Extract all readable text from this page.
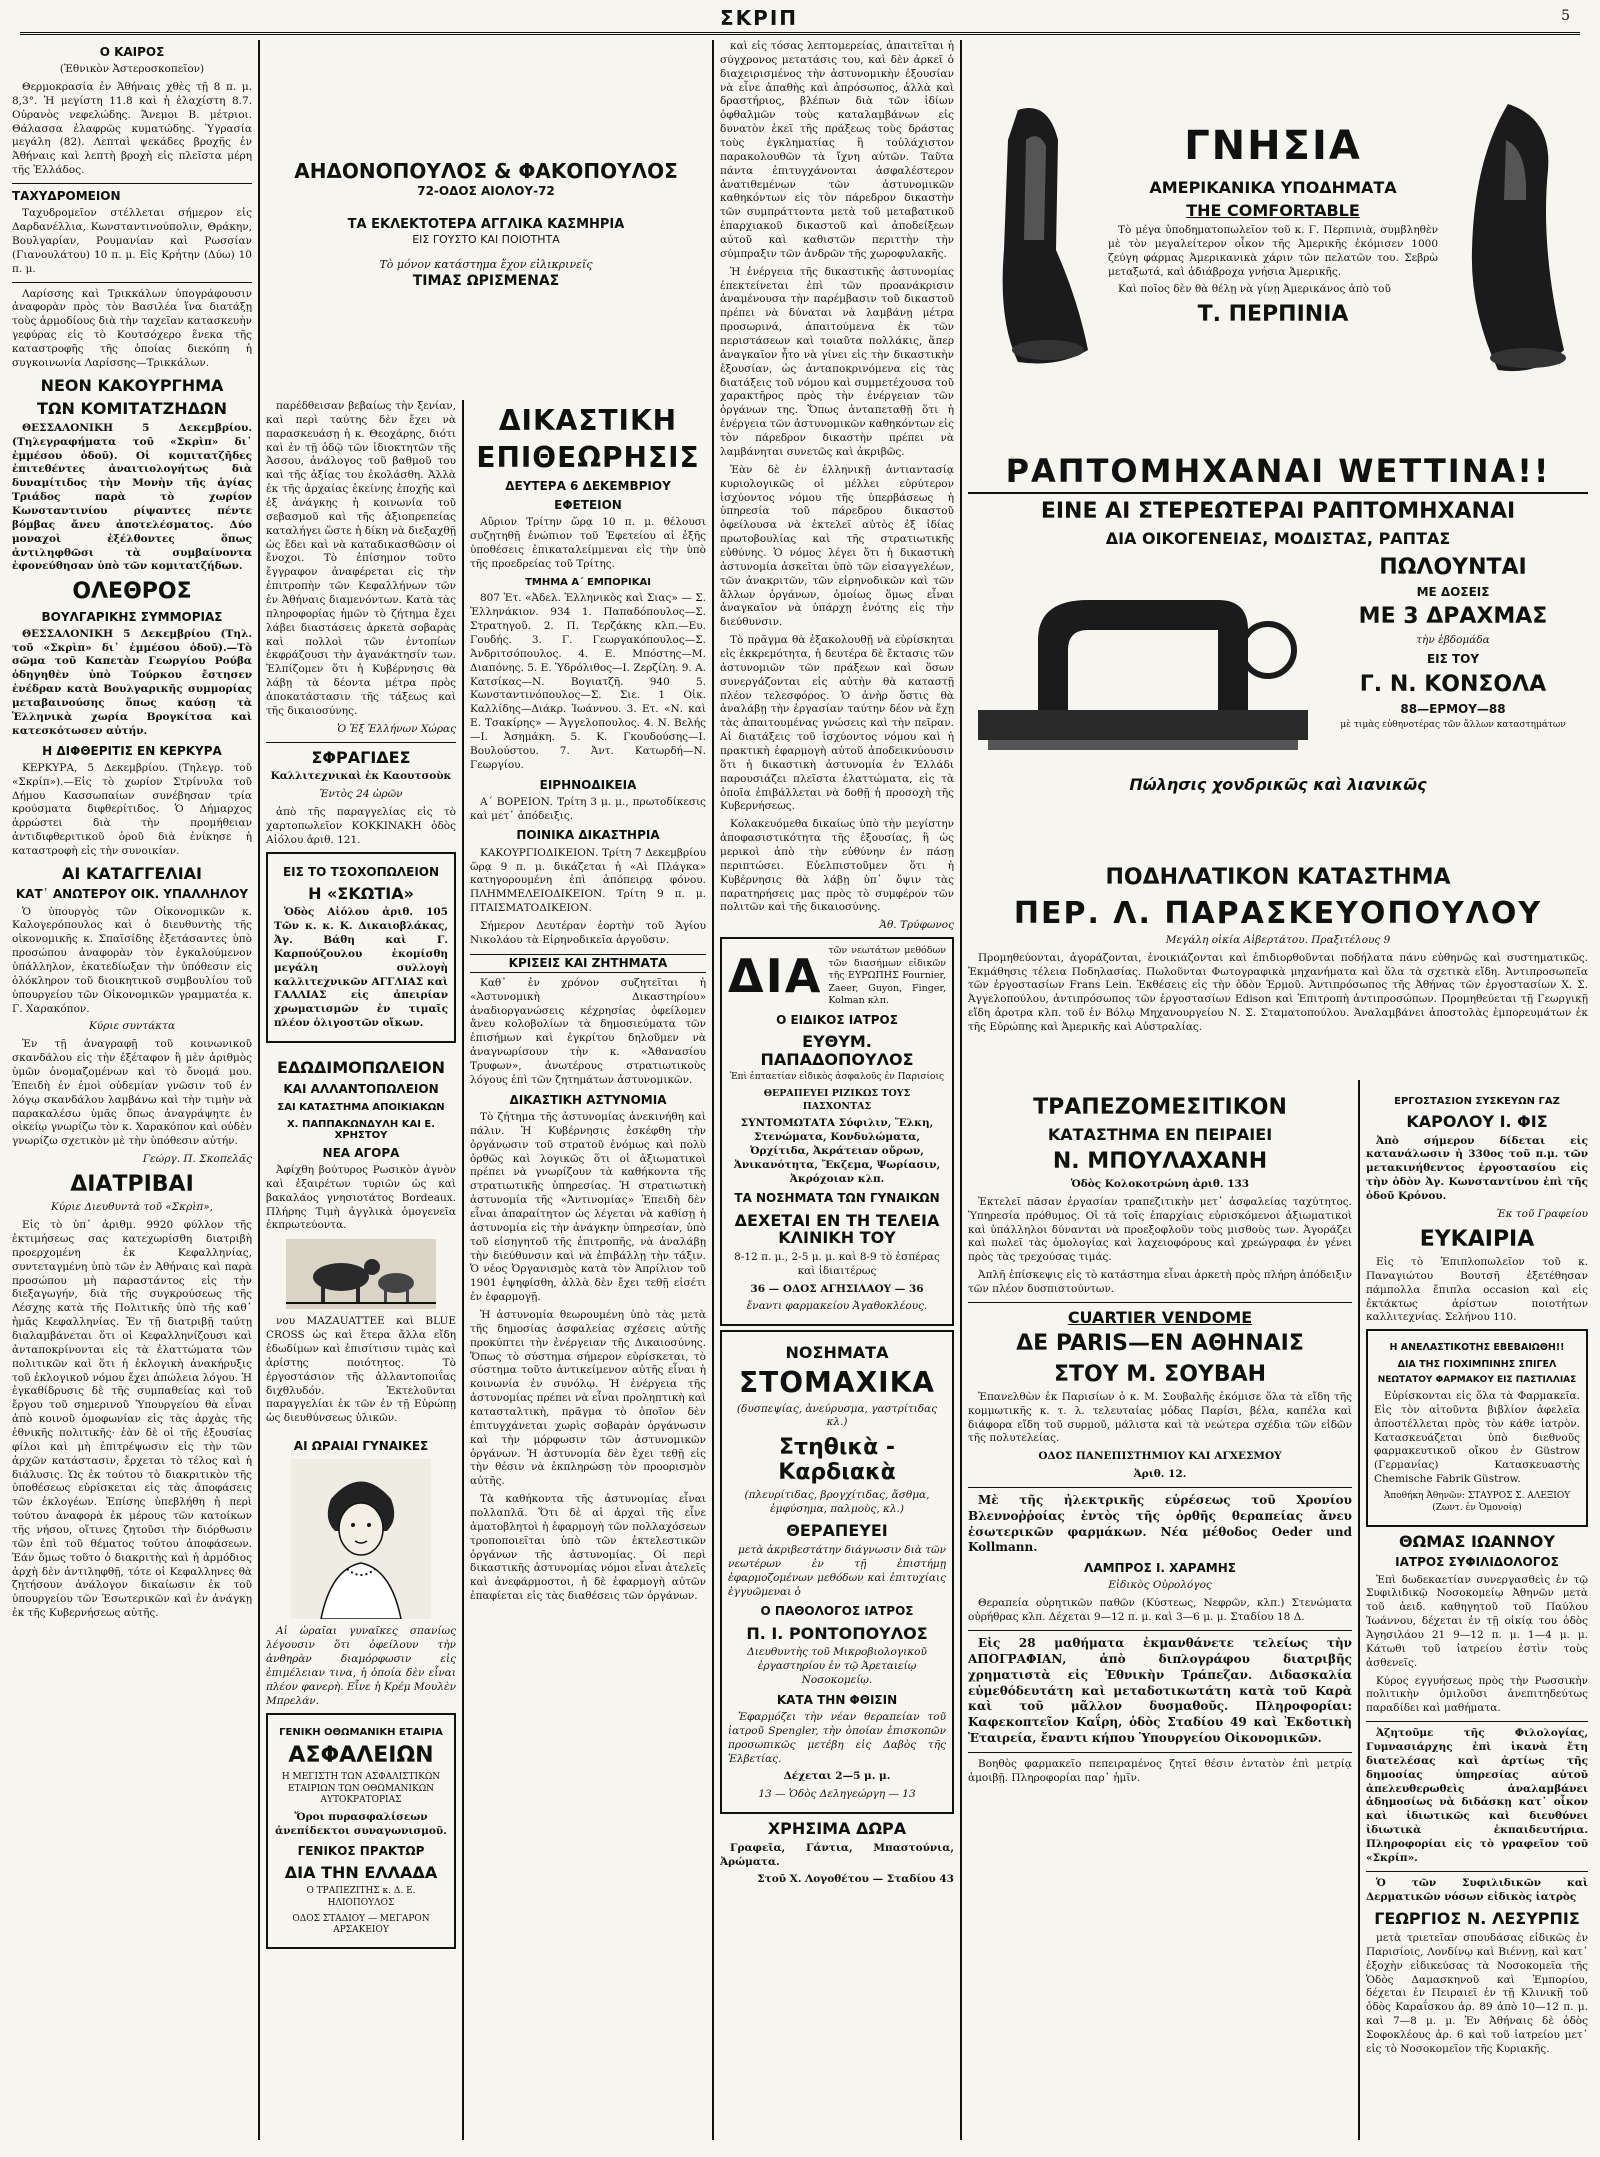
ΣΚΡΙΠ	5
Ο ΚΑΙΡΟΣ

(Ἐθνικὸν Ἀστεροσκοπεῖον)

Θερμοκρασία ἐν Ἀθήναις χθὲς τῇ 8 π. μ. 8,3°. Ἡ μεγίστη 11.8 καὶ ἡ ἐλαχίστη 8.7. Οὐρανὸς νεφελώδης. Ἄνεμοι Β. μέτριοι. Θάλασσα ἐλαφρῶς κυματώδης. Ὑγρασία μεγάλη (82). Λεπταὶ ψεκάδες βροχῆς ἐν Ἀθήναις καὶ λεπτὴ βροχὴ εἰς πλεῖστα μέρη τῆς Ἑλλάδος.

ΤΑΧΥΔΡΟΜΕΙΟΝ

Ταχυδρομεῖον στέλλεται σήμερον εἰς Δαρδανέλλια, Κωνσταντινούπολιν, Θράκην, Βουλγαρίαν, Ρουμανίαν καὶ Ρωσσίαν (Γιανουλάτου) 10 π. μ. Εἰς Κρήτην (Δύω) 10 π. μ.

Λαρίσσης καὶ Τρικκάλων ὑπογράφουσιν ἀναφορὰν πρὸς τὸν Βασιλέα ἵνα διατάξῃ τοὺς ἁρμοδίους διὰ τὴν ταχεῖαν κατασκευὴν γεφύρας εἰς τὸ Κουτσόχερο ἕνεκα τῆς καταστροφῆς τῆς ὁποίας διεκόπη ἡ συγκοινωνία Λαρίσσης—Τρικκάλων.

ΝΕΟΝ ΚΑΚΟΥΡΓΗΜΑ
ΤΩΝ ΚΟΜΙΤΑΤΖΗΔΩΝ

ΘΕΣΣΑΛΟΝΙΚΗ 5 Δεκεμβρίου. (Τηλεγραφήματα τοῦ «Σκρὶπ» δι᾽ ἐμμέσου ὁδοῦ). Οἱ κομιτατζῆδες ἐπιτεθέντες ἀναιτιολογήτως διὰ δυναμίτιδος τὴν Μονὴν τῆς ἁγίας Τριάδος παρὰ τὸ χωρίον Κωνσταντινίου ρίψαντες πέντε βόμβας ἄνευ ἀποτελέσματος. Δύο μοναχοὶ ἐξέλθοντες ὅπως ἀντιληφθῶσι τὰ συμβαίνοντα ἐφονεύθησαν ὑπὸ τῶν κομιτατζήδων.

ΟΛΕΘΡΟΣ
ΒΟΥΛΓΑΡΙΚΗΣ ΣΥΜΜΟΡΙΑΣ

ΘΕΣΣΑΛΟΝΙΚΗ 5 Δεκεμβρίου (Τηλ. τοῦ «Σκρὶπ» δι᾽ ἐμμέσου ὁδοῦ).—Τὸ σῶμα τοῦ Καπετὰν Γεωργίου Ρούβα ὁδηγηθὲν ὑπὸ Τούρκου ἔστησεν ἐνέδραν κατὰ Βουλγαρικῆς συμμορίας μεταβαινούσης ὅπως καύσῃ τὰ Ἑλληνικὰ χωρία Βρογκίτσα καὶ κατεσκότωσεν αὐτήν.

Η ΔΙΦΘΕΡΙΤΙΣ ΕΝ ΚΕΡΚΥΡΑ

ΚΕΡΚΥΡΑ, 5 Δεκεμβρίου. (Τηλεγρ. τοῦ «Σκρίπ»).—Εἰς τὸ χωρίον Στρίνυλα τοῦ Δήμου Κασσωπαίων συνέβησαν τρία κρούσματα διφθερίτιδος. Ὁ Δήμαρχος ἀρρώστει διὰ τὴν προμήθειαν ἀντιδιφθεριτικοῦ ὀροῦ διὰ ἐνίκησε ἡ καταστροφὴ εἰς τὴν συνοικίαν.

ΑΙ ΚΑΤΑΓΓΕΛΙΑΙ
ΚΑΤ᾽ ΑΝΩΤΕΡΟΥ ΟΙΚ. ΥΠΑΛΛΗΛΟΥ

Ὁ ὑπουργὸς τῶν Οἰκονομικῶν κ. Καλογερόπουλος καὶ ὁ διευθυντὴς τῆς οἰκονομικῆς κ. Σπαϊσίδης ἐξετάσαντες ὑπὸ προσώπου ἀναφορὰν τὸν ἐγκαλούμενον ὑπάλληλον, ἐκατεδίωξαν τὴν ὑπόθεσιν εἰς ὁλόκληρον τοῦ διοικητικοῦ συμβουλίου τοῦ ὑπουργείου τῶν Οἰκονομικῶν γραμματέα κ. Γ. Χαρακόπον.

Κύριε συντάκτα

Ἐν τῇ ἀναγραφῇ τοῦ κοινωνικοῦ σκανδάλου εἰς τὴν ἐξέταφον ἢ μὲν ἀριθμὸς ὑμῶν ὀνομαζομένων καὶ τὸ ὄνομά μου. Ἐπειδὴ ἐν ἐμοὶ οὐδεμίαν γνῶσιν τοῦ ἐν λόγῳ σκανδάλου λαμβάνω καὶ τὴν τιμὴν νὰ παρακαλέσω ὑμᾶς ὅπως ἀναγράψητε ἐν οἰκείῳ γνωρίζω τὸν κ. Χαρακόπον καὶ οὐδὲν γνωρίζω σχετικὸν μὲ τὴν ὑπόθεσιν αὐτήν.

Γεώργ. Π. Σκοπελᾶς

ΔΙΑΤΡΙΒΑΙ

Κύριε Διευθυντὰ τοῦ «Σκρὶπ»,

Εἰς τὸ ὑπ᾽ ἀριθμ. 9920 φύλλον τῆς ἐκτιμήσεως σας κατεχωρίσθη διατριβὴ προερχομένη ἐκ Κεφαλληνίας, συντεταγμένη ὑπὸ τῶν ἐν Ἀθήναις καὶ παρὰ προσώπου μὴ παραστάντος εἰς τὴν διεξαγωγήν, διὰ τῆς συγκρούσεως τῆς Λέσχης κατὰ τῆς Πολιτικῆς ὑπὸ τῆς καθ᾽ ἡμᾶς Κεφαλληνίας. Ἐν τῇ διατριβῇ ταύτῃ διαλαμβάνεται ὅτι οἱ Κεφαλληνίζουσι καὶ ἀνταποκρίνονται εἰς τὰ ἐλαττώματα τῶν πολιτικῶν καὶ ὅτι ἡ ἐκλογικὴ ἀνακήρυξις τοῦ ἐκλογικοῦ νόμου ἔχει ἀπώλεια λόγου. Ἡ ἐγκαθίδρυσις δὲ τῆς συμπαθείας καὶ τοῦ ἔργου τοῦ σημερινοῦ Ὑπουργείου θὰ εἶναι ἀπὸ κοινοῦ ὁμοφωνίαν εἰς τὰς ἀρχὰς τῆς ἐθνικῆς πολιτικῆς· ἐὰν δὲ οἱ τῆς ἐξουσίας φίλοι καὶ μὴ ἐπιτρέψωσιν εἰς τὴν τῶν ἀρχῶν κατάστασιν, ἔρχεται τὸ τέλος καὶ ἡ διάλυσις. Ὡς ἐκ τούτου τὸ διακριτικὸν τῆς ὑποθέσεως εὑρίσκεται εἰς τὰς ἀποφάσεις τῶν ἐκλογέων. Ἐπίσης ὑπεβλήθη ἡ περὶ τούτου ἀναφορὰ ἐκ μέρους τῶν κατοίκων τῆς νήσου, οἵτινες ζητοῦσι τὴν διόρθωσιν τῶν ἐπὶ τοῦ θέματος τούτου ἀποφάσεων. Ἐάν ὅμως τοῦτο ὁ διακριτὴς καὶ ἡ ἀρμόδιος ἀρχὴ δὲν ἀντιληφθῇ, τότε οἱ Κεφαλληνες θὰ ζητήσουν ἀνάλογον δικαίωσιν ἐκ τοῦ ὑπουργείου τῶν Ἐσωτερικῶν καὶ ἐν ἀνάγκῃ ἐκ τῆς Κυβερνήσεως αὐτῆς.

ΑΗΔΟΝΟΠΟΥΛΟΣ & ΦΑΚΟΠΟΥΛΟΣ
72-ΟΔΟΣ ΑΙΟΛΟΥ-72
ΤΑ ΕΚΛΕΚΤΟΤΕΡΑ ΑΓΓΛΙΚΑ ΚΑΣΜΗΡΙΑ
ΕΙΣ ΓΟΥΣΤΟ ΚΑΙ ΠΟΙΟΤΗΤΑ
Τὸ μόνον κατάστημα ἔχον εἰλικρινεῖς
ΤΙΜΑΣ ΩΡΙΣΜΕΝΑΣ

παρέδθεισαν βεβαίως τὴν ξενίαν, καὶ περὶ ταύτης δὲν ἔχει νὰ παρασκευάσῃ ἡ κ. Θεοχάρης, διότι καὶ ἐν τῇ ὁδῷ τῶν ἰδιοκτητῶν τῆς Ἀσσου, ἀνάλογος τοῦ βαθμοῦ του καὶ τῆς ἀξίας του ἐκολάσθη. Ἀλλὰ ἐκ τῆς ἀρχαίας ἐκείνης ἐποχῆς καὶ ἐξ ἀνάγκης ἡ κοινωνία τοῦ σεβασμοῦ καὶ τῆς ἀξιοπρεπείας καταλήγει ὥστε ἡ δίκη νὰ διεξαχθῇ ὡς ἔδει καὶ νὰ καταδικασθῶσιν οἱ ἔνοχοι. Τὸ ἐπίσημον τοῦτο ἔγγραφον ἀναφέρεται εἰς τὴν ἐπιτροπὴν τῶν Κεφαλλήνων τῶν ἐν Ἀθήναις διαμενόντων. Κατὰ τὰς πληροφορίας ἡμῶν τὸ ζήτημα ἔχει λάβει διαστάσεις ἀρκετὰ σοβαρὰς καὶ πολλοὶ τῶν ἐντοπίων ἐκφράζουσι τὴν ἀγανάκτησίν των. Ἐλπίζομεν ὅτι ἡ Κυβέρνησις θὰ λάβῃ τὰ δέοντα μέτρα πρὸς ἀποκατάστασιν τῆς τάξεως καὶ τῆς δικαιοσύνης.

Ὁ Ἐξ Ἐλλήνων Χώρας

ΣΦΡΑΓΙΔΕΣ

Καλλιτεχνικαὶ ἐκ Καουτσοὺκ

Ἐντὸς 24 ὡρῶν

ἀπὸ τῆς παραγγελίας εἰς τὸ χαρτοπωλεῖον ΚΟΚΚΙΝΑΚΗ ὁδὸς Αἰόλου ἀριθ. 121.

ΕΙΣ ΤΟ ΤΣΟΧΟΠΩΛΕΙΟΝ
Η «ΣΚΩΤΙΑ»

Ὁδὸς Αἰόλου ἀριθ. 105 Τῶν κ. κ. Κ. Δικαιοβλάκας, Ἀγ. Βάθη καὶ Γ. Καρπούζουλου ἐκομίσθη μεγάλη συλλογὴ καλλιτεχνικῶν ΑΓΓΛΙΑΣ καὶ ΓΑΛΛΙΑΣ εἰς ἀπειρίαν χρωματισμῶν ἐν τιμαῖς πλέον ὀλιγοστῶν οἴκων.

ΕΔΩΔΙΜΟΠΩΛΕΙΟΝ
ΚΑΙ ΑΛΛΑΝΤΟΠΩΛΕΙΟΝ
ΣΑΙ ΚΑΤΑΣΤΗΜΑ ΑΠΟΙΚΙΑΚΩΝ
Χ. ΠΑΠΠΑΚΩΝΔΥΛΗ ΚΑΙ Ε. ΧΡΗΣΤΟΥ
ΝΕΑ ΑΓΟΡΑ

Ἀφίχθη βούτυρος Ρωσικὸν ἀγνὸν καὶ ἐξαιρέτων τυριῶν ὡς καὶ βακαλάος γνησιοτάτος Bordeaux. Πλήρης Τιμὴ ἀγγλικὰ ὁμογενεῖα ἐκπρωτεύοντα.

νου MAZAUATTEE καὶ BLUE CROSS ὡς καὶ ἕτερα ἄλλα εἴδη ἐδωδίμων καὶ ἐπισίτισιν τιμὰς καὶ ἀρίστης ποιότητος. Τὸ ἐργοστάσιον τῆς ἀλλαντοποιΐας διχθλυδόν. Ἐκτελοῦνται παραγγελίαι ἐκ τῶν ἐν τῇ Εὐρώπῃ ὡς διευθύνσεως ὑλικῶν.

ΑΙ ΩΡΑΙΑΙ ΓΥΝΑΙΚΕΣ

Αἱ ὡραῖαι γυναῖκες σπανίως λέγουσιν ὅτι ὀφείλουν τὴν ἀνθηρὰν διαμόρφωσιν εἰς ἐπιμέλειαν τινα, ἡ ὁποία δὲν εἶναι πλέον φανερὴ. Εἶνε ἡ Κρέμ Μουλὲν Μπρελάν.

ΓΕΝΙΚΗ ΟΘΩΜΑΝΙΚΗ ΕΤΑΙΡΙΑ
ΑΣΦΑΛΕΙΩΝ

Η ΜΕΓΙΣΤΗ ΤΩΝ ΑΣΦΑΛΙΣΤΙΚΩΝ ΕΤΑΙΡΙΩΝ ΤΩΝ ΟΘΩΜΑΝΙΚΩΝ ΑΥΤΟΚΡΑΤΟΡΙΑΣ

Ὅροι πυρασφαλίσεων ἀνεπίδεκτοι συναγωνισμοῦ.

ΓΕΝΙΚΟΣ ΠΡΑΚΤΩΡ
ΔΙΑ ΤΗΝ ΕΛΛΑΔΑ

Ο ΤΡΑΠΕΖΙΤΗΣ κ. Δ. Ε. ΗΛΙΟΠΟΥΛΟΣ

ΟΔΟΣ ΣΤΑΔΙΟΥ — ΜΕΓΑΡΟΝ ΑΡΣΑΚΕΙΟΥ

ΔΙΚΑΣΤΙΚΗ
ΕΠΙΘΕΩΡΗΣΙΣ
ΔΕΥΤΕΡΑ 6 ΔΕΚΕΜΒΡΙΟΥ
ΕΦΕΤΕΙΟΝ

Αὔριον Τρίτην ὥρᾳ 10 π. μ. θέλουσι συζητηθῇ ἐνώπιον τοῦ Ἐφετείου αἱ ἑξῆς ὑποθέσεις ἐπικαταλείμμεναι εἰς τὴν ὑπὸ τῆς προεδρείας τοῦ Τρίτης.

ΤΜΗΜΑ Α΄ ΕΜΠΟΡΙΚΑΙ

807 Ἐτ. «Ἀδελ. Ἐλληνικὸς καὶ Σιας» — Σ. Ἐλληνάκιον. 934 1. Παπαδόπουλος—Σ. Στρατηγοῦ. 2. Π. Τερζάκης κλπ.—Ευ. Γουδής. 3. Γ. Γεωργακόπουλος—Σ. Ἀνδριτσόπουλος. 4. Ε. Μπόστης—Μ. Διαπόνης. 5. Ε. Ὑδρόλιθος—Ι. Ζερζίλη. 9. Α. Κατσίκας—Ν. Βογιατζῆ. 940 5. Κωνσταντινόπουλος—Σ. Σιε. 1 Οἰκ. Καλλίδης—Διάκρ. Ἰωάννου. 3. Ετ. «Ν. καὶ Ε. Τσακίρης» — Ἀγγελοπουλος. 4. Ν. Βελής—Ι. Ἀσημάκη. 5. Κ. Γκουδούσης—Ι. Βουλούστου. 7. Ἀντ. Κατωρδή—Ν. Γεωργίου.

ΕΙΡΗΝΟΔΙΚΕΙΑ

Α΄ ΒΟΡΕΙΟΝ. Τρίτη 3 μ. μ., πρωτοδίκεσις καὶ μετ᾽ ἀπόδειξις.

ΠΟΙΝΙΚΑ ΔΙΚΑΣΤΗΡΙΑ

ΚΑΚΟΥΡΓΙΟΔΙΚΕΙΟΝ. Τρίτη 7 Δεκεμβρίου ὥρᾳ 9 π. μ. δικάζεται ἡ «Αὶ Πλάγκα» κατηγορουμένη ἐπὶ ἀπόπειρᾳ φόνου. ΠΛΗΜΜΕΛΕΙΟΔΙΚΕΙΟΝ. Τρίτη 9 π. μ. ΠΤΑΙΣΜΑΤΟΔΙΚΕΙΟΝ.

Σήμερον Δευτέραν ἑορτὴν τοῦ Ἁγίου Νικολάου τὰ Εἰρηνοδικεῖα ἀργοῦσιν.

ΚΡΙΣΕΙΣ ΚΑΙ ΖΗΤΗΜΑΤΑ

Καθ᾽ ἐν χρόνον συζητεῖται ἡ «Ἀστυνομικὴ Δικαστηρίου» ἀναδιοργανώσεις κέχρησίας ὀφείλομεν ἄνευ κολοβολίων τὰ δημοσιεύματα τῶν ἐπισήμων καὶ ἐγκρίτου δηλοῦμεν νὰ ἀναγνωρίσουν τὴν κ. «Ἀθανασίου Τρυφων», ἀνωτέρους στρατιωτικοὺς λόγους ἐπὶ τῶν ζητημάτων ἀστυνομικῶν.

ΔΙΚΑΣΤΙΚΗ ΑΣΤΥΝΟΜΙΑ

Τὸ ζήτημα τῆς ἀστυνομίας ἀνεκινήθη καὶ πάλιν. Ἡ Κυβέρνησις ἐσκέφθη τὴν ὀργάνωσιν τοῦ στρατοῦ ἐνόμως καὶ πολὺ ὀρθῶς καὶ λογικῶς ὅτι οἱ ἀξιωματικοὶ πρέπει νὰ γνωρίζουν τὰ καθήκοντα τῆς στρατιωτικῆς ὑπηρεσίας. Ἡ στρατιωτικὴ ἀστυνομία τῆς «Ἀντινομίας» Ἐπειδὴ δὲν εἶναι ἀπαραίτητον ὡς λέγεται νὰ καθίσῃ ἡ ἀστυνομία εἰς τὴν ἀνάγκην ὑπηρεσίαν, ὑπὸ τοῦ εἰσηγητοῦ τῆς ἐπιτροπῆς, νὰ ἀναλάβῃ τὴν διεύθυνσιν καὶ νὰ ἐπιβάλλῃ τὴν τάξιν. Ὁ νέος Ὀργανισμὸς κατὰ τὸν Ἀπρίλιον τοῦ 1901 ἐψηφίσθη, ἀλλὰ δὲν ἔχει τεθῇ εἰσέτι ἐν ἐφαρμογῇ.

Ἡ ἀστυνομία θεωρουμένη ὑπὸ τὰς μετὰ τῆς δημοσίας ἀσφαλείας σχέσεις αὐτῆς προκύπτει τὴν ἐνέργειαν τῆς Δικαιοσύνης. Ὅπως τὸ σύστημα σήμερον εὑρίσκεται, τὸ σύστημα τοῦτο ἀντικείμενον αὐτῆς εἶναι ἡ κοινωνία ἐν συνόλῳ. Ἡ ἐνέργεια τῆς ἀστυνομίας πρέπει νὰ εἶναι προληπτικὴ καὶ κατασταλτικὴ, πρᾶγμα τὸ ὁποῖον δὲν ἐπιτυγχάνεται χωρὶς σοβαρὰν ὀργάνωσιν καὶ τὴν μόρφωσιν τῶν ἀστυνομικῶν ὀργάνων. Ἡ ἀστυνομία δὲν ἔχει τεθῇ εἰς τὴν θέσιν νὰ ἐκπληρώσῃ τὸν προορισμὸν αὐτῆς.

Τὰ καθήκοντα τῆς ἀστυνομίας εἶναι πολλαπλᾶ. Ὅτι δὲ αἱ ἀρχαὶ τῆς εἶνε ἀματοβλητοὶ ἡ ἐφαρμογὴ τῶν πολλαχόσεων τροποποιεῖται ὑπὸ τῶν ἐκτελεστικῶν ὀργάνων τῆς ἀστυνομίας. Οἱ περὶ δικαστικῆς ἀστυνομίας νόμοι εἶναι ἀτελεῖς καὶ ἀνεφάρμοστοι, ἡ δὲ ἐφαρμογὴ αὐτῶν ἐπαφίεται εἰς τὰς διαθέσεις τῶν ὀργάνων.

καὶ εἰς τόσας λεπτομερείας, ἀπαιτεῖται ἡ σύγχρονος μετατάσις του, καὶ δὲν ἀρκεῖ ὁ διαχειρισμένος τὴν ἀστυνομικὴν ἐξουσίαν νὰ εἶνε ἀπαθὴς καὶ ἀπρόσωπος, ἀλλὰ καὶ δραστήριος, βλέπων διὰ τῶν ἰδίων ὀφθαλμῶν τοὺς καταλαμβάνων εἰς δυνατὸν ἐκεῖ τῆς πράξεως τοὺς δράστας τοὺς ἐγκληματίας ἢ τοὐλάχιστον παρακολουθῶν τὰ ἴχνη αὐτῶν. Ταῦτα πάντα ἐπιτυγχάνονται ἀσφαλέστερον ἀνατιθεμένων τῶν ἀστυνομικῶν καθηκόντων εἰς τὸν πάρεδρον δικαστὴν τῶν συμπράττοντα μετὰ τοῦ μεταβατικοῦ ἐπαρχιακοῦ δικαστοῦ καὶ ἀποδείξεων αὐτοῦ καὶ καθιστῶν περιττὴν τὴν σύμπραξιν τῶν ἀνδρῶν τῆς χωροφυλακῆς.

Ἡ ἐνέργεια τῆς δικαστικῆς ἀστυνομίας ἐπεκτείνεται ἐπὶ τῶν προανάκρισιν ἀναμένουσα τὴν παρέμβασιν τοῦ δικαστοῦ πρέπει νὰ δύναται νὰ λαμβάνῃ μέτρα προσωρινά, ἀπαιτούμενα ἐκ τῶν περιστάσεων καὶ τοιαῦτα πολλάκις, ἅπερ ἀναγκαῖον ἦτο νὰ γίνει εἰς τὴν δικαστικὴν ἐξουσίαν, ὡς ἀνταποκρινόμενα εἰς τὰς διατάξεις τοῦ νόμου καὶ συμμετέχουσα τοῦ χαρακτῆρος πρὸς τὴν ἐνέργειαν τῶν ὀργάνων της. Ὅπως ἀνταπεταθῇ ὅτι ἡ ἐνέργεια τῶν ἀστυνομικῶν καθηκόντων εἰς τὸν πάρεδρον δικαστὴν πρέπει νὰ λαμβάνηται συνετῶς καὶ ἀκριβῶς.

Ἐὰν δὲ ἐν ἑλληνικῇ ἀντιαντασίᾳ κυριολογικῶς οἱ μέλλει εὐρύτερον ἰσχύοντος νόμου τῆς ὑπερβάσεως ἡ ὑπηρεσία τοῦ πάρεδρου δικαστοῦ ὀφείλουσα νὰ ἐκτελεῖ αὐτὸς ἐξ ἰδίας πρωτοβουλίας καὶ τῆς στρατιωτικῆς εὐθύνης. Ὁ νόμος λέγει ὅτι ἡ δικαστικὴ ἀστυνομία ἀσκεῖται ὑπὸ τῶν εἰσαγγελέων, τῶν ἀνακριτῶν, τῶν εἰρηνοδικῶν καὶ τῶν ἄλλων ὀργάνων, ὁμοίως ὅμως εἶναι ἀναγκαῖον νὰ ὑπάρχῃ ἑνότης εἰς τὴν διεύθυνσιν.

Τὸ πρᾶγμα θὰ ἐξακολουθῇ νὰ εὑρίσκηται εἰς ἐκκρεμότητα, ἡ δευτέρα δὲ ἔκτασις τῶν ἀστυνομιῶν τῶν πράξεων καὶ ὅσων συνεργάζονται εἰς αὐτὴν θὰ καταστῇ πλέον τελεσφόρος. Ὁ ἀνὴρ ὅστις θὰ ἀναλάβῃ τὴν ἐργασίαν ταύτην δέον νὰ ἔχῃ τὰς ἀπαιτουμένας γνώσεις καὶ τὴν πεῖραν. Αἱ διατάξεις τοῦ ἰσχύοντος νόμου καὶ ἡ πρακτικὴ ἐφαρμογὴ αὐτοῦ ἀποδεικνύουσιν ὅτι ἡ δικαστικὴ ἀστυνομία ἐν Ἑλλάδι παρουσιάζει πλεῖστα ἐλαττώματα, εἰς τὰ ὁποῖα ἐπιβάλλεται νὰ δοθῇ ἡ προσοχὴ τῆς Κυβερνήσεως.

Κολακευόμεθα δικαίως ὑπὸ τὴν μεγίστην ἀποφασιστικότητα τῆς ἐξουσίας, ἢ ὡς μερικοὶ ἀπὸ τὴν εὐθύνην ἐν πάσῃ περιπτώσει. Εὐελπιστοῦμεν ὅτι ἡ Κυβέρνησις θὰ λάβῃ ὑπ᾽ ὄψιν τὰς παρατηρήσεις μας πρὸς τὸ συμφέρον τῶν πολιτῶν καὶ τῆς δικαιοσύνης.

Ἀθ. Τρύφωνος

ΔΙΑ τῶν νεωτάτων μεθόδων τῶν διασήμων εἰδικῶν τῆς ΕΥΡΩΠΗΣ Fournier, Zaeer, Guyon, Finger, Kolman κλπ.
Ο ΕΙΔΙΚΟΣ ΙΑΤΡΟΣ
ΕΥΘΥΜ. ΠΑΠΑΔΟΠΟΥΛΟΣ

Ἐπὶ ἑπταετίαν εἰδικὸς ἀσφαλοῦς ἐν Παρισίοις

ΘΕΡΑΠΕΥΕΙ ΡΙΖΙΚΩΣ ΤΟΥΣ ΠΑΣΧΟΝΤΑΣ

ΣΥΝΤΟΜΩΤΑΤΑ Σύφιλιν, Ἕλκη, Στενώματα, Κονδυλώματα, Ὀρχίτιδα, Ἀκράτειαν οὔρων, Ἀνικανότητα, Ἔκζεμα, Ψωρίασιν, Ἀκρόχοιαν κλπ.

ΤΑ ΝΟΣΗΜΑΤΑ ΤΩΝ ΓΥΝΑΙΚΩΝ
ΔΕΧΕΤΑΙ ΕΝ ΤΗ ΤΕΛΕΙΑ ΚΛΙΝΙΚΗ ΤΟΥ

8-12 π. μ., 2-5 μ. μ. καὶ 8-9 τὸ ἑσπέρας καὶ ἰδιαιτέρως

36 — ΟΔΟΣ ΑΓΗΣΙΛΑΟΥ — 36

ἔναντι φαρμακείου Ἀγαθοκλέους.

ΝΟΣΗΜΑΤΑ
ΣΤΟΜΑΧΙΚΑ

(δυσπεψίας, ἀνεύρυσμα, γαστρίτιδας κλ.)

Στηθικὰ - Καρδιακὰ

(πλευρίτιδας, βρογχίτιδας, ἄσθμα, ἐμφύσημα, παλμοὺς, κλ.)

ΘΕΡΑΠΕΥΕΙ

μετὰ ἀκριβεστάτην διάγνωσιν διὰ τῶν νεωτέρων ἐν τῇ ἐπιστήμῃ ἐφαρμοζομένων μεθόδων καὶ ἐπιτυχίαις ἐγγυῶμεναι ὁ

Ο ΠΑΘΟΛΟΓΟΣ ΙΑΤΡΟΣ
Π. Ι. ΡΟΝΤΟΠΟΥΛΟΣ

Διευθυντὴς τοῦ Μικροβιολογικοῦ ἐργαστηρίου ἐν τῷ Ἀρεταιείῳ Νοσοκομείῳ.

ΚΑΤΑ ΤΗΝ ΦΘΙΣΙΝ

Ἐφαρμόζει τὴν νέαν θεραπείαν τοῦ ἰατροῦ Spengler, τὴν ὁποίαν ἐπισκοπῶν προσωπικῶς μετέβη εἰς Δαβὸς τῆς Ἑλβετίας.

Δέχεται 2—5 μ. μ.

13 — Ὁδὸς Δεληγεώργη — 13

ΧΡΗΣΙΜΑ ΔΩΡΑ

Γραφεῖα, Γάντια, Μπαστούνια, Ἀρώματα.

Στοῦ Χ. Λογοθέτου — Σταδίου 43

ΓΝΗΣΙΑ
ΑΜΕΡΙΚΑΝΙΚΑ ΥΠΟΔΗΜΑΤΑ
THE COMFORTABLE

Τὸ μέγα ὑποδηματοπωλεῖον τοῦ κ. Γ. Περπινιὰ, συμβληθὲν μὲ τὸν μεγαλείτερον οἶκον τῆς Ἀμερικῆς ἐκόμισεν 1000 ζεύγη φάρμας Ἀμερικανικὰ χάριν τῶν πελατῶν του. Σεβρὼ μεταξωτά, καὶ ἀδιάβροχα γνήσια Ἀμερικῆς.

Καὶ ποῖος δὲν θὰ θέλῃ νὰ γίνῃ Ἀμερικάνος ἀπὸ τοῦ

Τ. ΠΕΡΠΙΝΙΑ
ΡΑΠΤΟΜΗΧΑΝΑΙ WETTINA!!
ΕΙΝΕ ΑΙ ΣΤΕΡΕΩΤΕΡΑΙ ΡΑΠΤΟΜΗΧΑΝΑΙ
ΔΙΑ ΟΙΚΟΓΕΝΕΙΑΣ, ΜΟΔΙΣΤΑΣ, ΡΑΠΤΑΣ
ΠΩΛΟΥΝΤΑΙ
ΜΕ ΔΟΣΕΙΣ
ΜΕ 3 ΔΡΑΧΜΑΣ

τὴν ἑβδομάδα

ΕΙΣ ΤΟΥ
Γ. Ν. ΚΟΝΣΟΛΑ
88—ΕΡΜΟΥ—88

μὲ τιμὰς εὐθηνοτέρας τῶν ἄλλων καταστημάτων

Πώλησις χονδρικῶς καὶ λιανικῶς
ΠΟΔΗΛΑΤΙΚΟΝ ΚΑΤΑΣΤΗΜΑ
ΠΕΡ. Λ. ΠΑΡΑΣΚΕΥΟΠΟΥΛΟΥ

Μεγάλη οἰκία Αἰβερτάτου. Πραξιτέλους 9

Προμηθεύονται, ἀγοράζονται, ἐνοικιάζονται καὶ ἐπιδιορθοῦνται ποδήλατα πάνυ εὐθηνῶς καὶ συστηματικῶς. Ἐκμάθησις τέλεια Ποδηλασίας. Πωλοῦνται Φωτογραφικὰ μηχανήματα καὶ ὅλα τὰ σχετικὰ εἴδη. Ἀντιπροσωπεῖα τῶν ἐργοστασίων Frans Lein. Ἐκθέσεις εἰς τὴν ὁδὸν Ἑρμοῦ. Ἀντιπρόσωπος τῆς Ἀθήνας τῶν ἐργοστασίων Χ. Σ. Ἀγγελοπούλου, ἀντιπρόσωπος τῶν ἐργοστασίων Edison καὶ Ἐπιτροπὴ ἀντιπροσώπων. Προμηθεύεται τῇ Γεωργικῇ εἴδη ἀροτρα κλπ. τοῦ ἐν Βόλῳ Μηχανουργείου Ν. Σ. Σταματοπούλου. Ἀναλαμβάνει ἀποστολὰς ἐμπορευμάτων ἐκ τῆς Εὐρώπης καὶ Ἀμερικῆς καὶ Αὐστραλίας.

ΤΡΑΠΕΖΟΜΕΣΙΤΙΚΟΝ
ΚΑΤΑΣΤΗΜΑ ΕΝ ΠΕΙΡΑΙΕΙ
Ν. ΜΠΟΥΛΑΧΑΝΗ

Ὁδὸς Κολοκοτρώνη ἀριθ. 133

Ἐκτελεῖ πᾶσαν ἐργασίαν τραπεζιτικὴν μετ᾽ ἀσφαλείας ταχύτητος. Ὑπηρεσία πρόθυμος. Οἱ τὰ τοῖς ἐπαρχίαις εὑρισκόμενοι ἀξιωματικοὶ καὶ ὑπάλληλοι δύνανται νὰ προεξοφλοῦν τοὺς μισθοὺς των. Ἀγοράζει καὶ πωλεῖ τὰς ὁμολογίας καὶ λαχειοφόρους καὶ χρεώγραφα ἐν γένει πρὸς τὰς τρεχούσας τιμάς.

Ἀπλῆ ἐπίσκεψις εἰς τὸ κατάστημα εἶναι ἀρκετὴ πρὸς πλήρη ἀπόδειξιν τῶν πλέον δυσπιστούντων.

CUARTIER VENDOME
ΔΕ PARIS—ΕΝ ΑΘΗΝΑΙΣ
ΣΤΟΥ Μ. ΣΟΥΒΑΗ

Ἐπανελθὼν ἐκ Παρισίων ὁ κ. Μ. Σουβαλῆς ἐκόμισε ὅλα τὰ εἴδη τῆς κομμωτικῆς κ. τ. λ. τελευταίας μόδας Παρίσι, βέλα, καπέλα καὶ διάφορα εἴδη τοῦ συρμοῦ, μάλιστα καὶ τὰ νεώτερα σχέδια τῶν εἰδῶν τῆς πολυτελείας.

ΟΔΟΣ ΠΑΝΕΠΙΣΤΗΜΙΟΥ ΚΑΙ ΑΓΧΕΣΜΟΥ

Ἀριθ. 12.

Μὲ τῆς ἠλεκτρικῆς εὑρέσεως τοῦ Χρονίου Βλεννοῤῥοίας ἐντὸς τῆς ὀρθῆς θεραπείας ἄνευ ἐσωτερικῶν φαρμάκων. Νέα μέθοδος Oeder und Kollmann.

ΛΑΜΠΡΟΣ Ι. ΧΑΡΑΜΗΣ

Εἰδικὸς Οὐρολόγος

Θεραπεία οὐρητικῶν παθῶν (Κύστεως, Νεφρῶν, κλπ.) Στενώματα οὐρήθρας κλπ. Δέχεται 9—12 π. μ. καὶ 3—6 μ. μ. Σταδίου 18 Δ.

Εἰς 28 μαθήματα ἐκμανθάνετε τελείως τὴν ΑΠΟΓΡΑΦΙΑΝ, ἀπὸ διπλογράφου διατριβῆς χρηματιστὰ εἰς Ἐθνικὴν Τράπεζαν. Διδασκαλία εὐμεθόδευτάτη καὶ μεταδοτικωτάτη κατὰ τοῦ Καρὰ καὶ τοῦ μᾶλλον δυσμαθοῦς. Πληροφορίαι: Καφεκοπτεῖον Καΐρη, ὁδὸς Σταδίου 49 καὶ Ἐκδοτικὴ Ἑταιρεία, ἔναντι κήπου Ὑπουργείου Οἰκονομικῶν.

Βοηθὸς φαρμακεῖο πεπειραμένος ζητεῖ θέσιν ἐντατὸν ἐπὶ μετρίᾳ ἀμοιβῇ. Πληροφορίαι παρ᾽ ἡμῖν.

ΕΡΓΟΣΤΑΣΙΟΝ ΣΥΣΚΕΥΩΝ ΓΑΖ
ΚΑΡΟΛΟΥ Ι. ΦΙΣ

Ἀπὸ σήμερον δίδεται εἰς κατανάλωσιν ἡ 330ος τοῦ π.μ. τῶν μετακινήθεντος ἐργοστασίου εἰς τὴν ὁδὸν Ἀγ. Κωνσταντίνου ἐπὶ τῆς ὁδοῦ Κρόνου.

Ἐκ τοῦ Γραφείου

ΕΥΚΑΙΡΙΑ

Εἰς τὸ Ἐπιπλοπωλεῖον τοῦ κ. Παναγιώτου Βουτσῆ ἐξετέθησαν πάμπολλα ἔπιπλα occasion καὶ εἰς ἐκτάκτως ἀρίστων ποιοτήτων καλλιτεχνίας. Σελήνου 110.

Η ΑΝΕΛΑΣΤΙΚΟΤΗΣ ΕΒΕΒΑΙΩΘΗ!!
ΔΙΑ ΤΗΣ ΓΙΟΧΙΜΠΙΝΗΣ ΣΠΙΓΕΛ
ΝΕΩΤΑΤΟΥ ΦΑΡΜΑΚΟΥ ΕΙΣ ΠΑΣΤΙΛΛΙΑΣ

Εὐρίσκονται εἰς ὅλα τὰ Φαρμακεῖα. Εἰς τὸν αἰτοῦντα βιβλίον ἀφελεῖα ἀποστέλλεται πρὸς τὸν κάθε ἰατρὸν. Κατασκευάζεται ὑπὸ διεθνοῦς φαρμακευτικοῦ οἴκου ἐν Güstrow (Γερμανίας) Κατασκευαστὴς Chemische Fabrik Güstrow.

Ἀποθήκη Ἀθηνῶν: ΣΤΑΥΡΟΣ Σ. ΑΛΕΞΙΟΥ (Ζωντ. ἐν Ὁμονοίᾳ)

ΘΩΜΑΣ ΙΩΑΝΝΟΥ
ΙΑΤΡΟΣ ΣΥΦΙΛΙΔΟΛΟΓΟΣ

Ἐπὶ δωδεκαετίαν συνεργασθεὶς ἐν τῷ Συφιλιδικῷ Νοσοκομείῳ Ἀθηνῶν μετὰ τοῦ ἀειδ. καθηγητοῦ τοῦ Παύλου Ἰωάννου, δέχεται ἐν τῇ οἰκίᾳ του ὁδὸς Ἀγησιλάου 21 9—12 π. μ. 1—4 μ. μ. Κάτωθι τοῦ ἰατρείου ἐστὶν τοὺς ἀσθενεῖς.

Κύρος εγγυήσεως πρὸς τὴν Ρωσσικὴν πολιτικὴν ὁμιλοῦσι ἀνεπιτηδεύτως παραδίδει καὶ μαθήματα.

Ἀζητοῦμε τῆς Φιλολογίας, Γυμνασιάρχης ἐπὶ ἱκανὰ ἔτη διατελέσας καὶ ἀρτίως τῆς δημοσίας ὑπηρεσίας αὐτοῦ ἀπελευθερωθεὶς ἀναλαμβάνει ἀδημοσίως νὰ διδάσκῃ κατ᾽ οἶκον καὶ ἰδιωτικῶς καὶ διευθύνει ἰδιωτικὰ ἐκπαιδευτήρια. Πληροφορίαι εἰς τὸ γραφεῖον τοῦ «Σκρίπ».

Ὁ τῶν Συφιλιδικῶν καὶ Δερματικῶν νόσων εἰδικὸς ἰατρὸς

ΓΕΩΡΓΙΟΣ Ν. ΛΕΣΥΡΠΙΣ

μετὰ τριετεῖαν σπουδάσας εἰδικῶς ἐν Παρισίοις, Λονδίνῳ καὶ Βιέννῃ, καὶ κατ᾽ ἐξοχὴν εἰδικεύσας τὰ Νοσοκομεῖα τῆς Ὁδὸς Δαμασκηνοῦ καὶ Ἐμπορίου, δέχεται ἐν Πειραιεῖ ἐν τῇ Κλινικῇ τοῦ ὁδὸς Καραΐσκου ἀρ. 89 ἀπὸ 10—12 π. μ. καὶ 7—8 μ. μ. Ἐν Ἀθήναις δὲ ὁδὸς Σοφοκλέους ἀρ. 6 καὶ τοῦ ἰατρείου μετ᾽ εἰς τὸ Νοσοκομεῖον τῆς Κυριακῆς.
